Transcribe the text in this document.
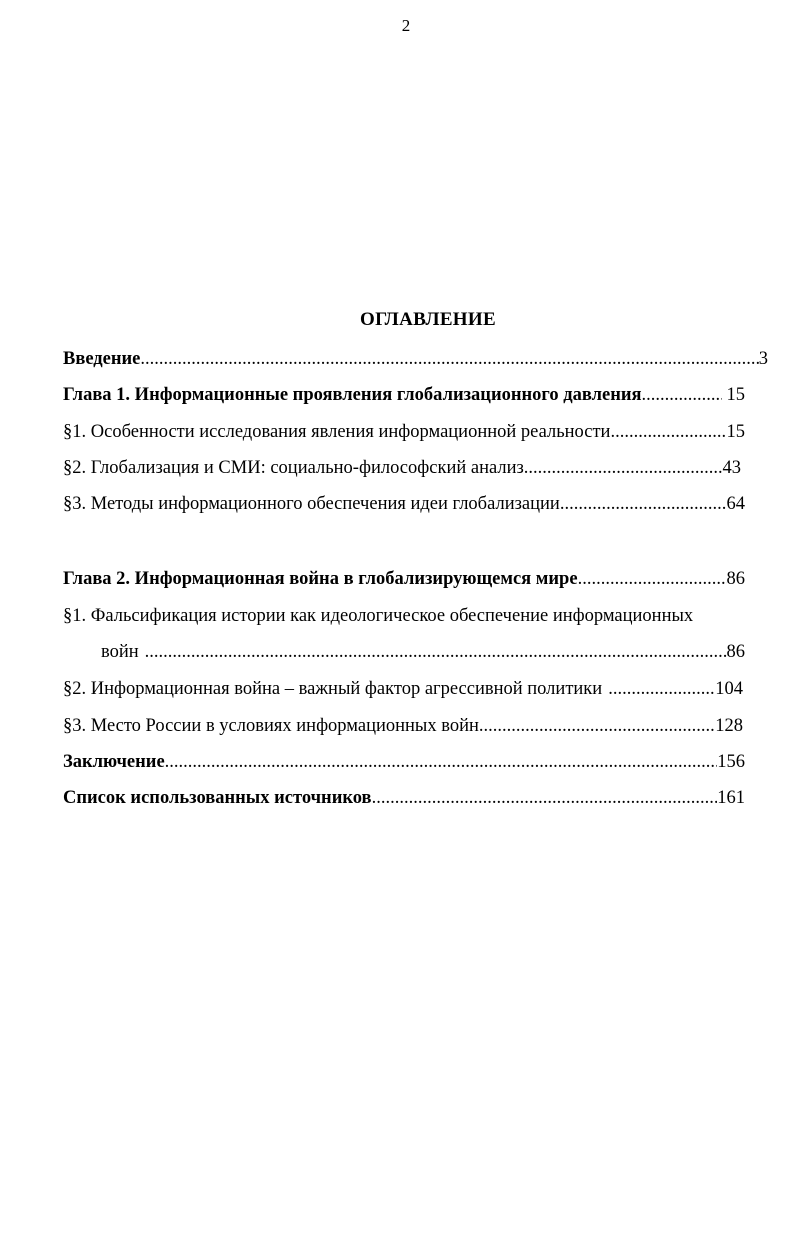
2
ОГЛАВЛЕНИЕ
Введение .....	3
Глава 1. Информационные проявления глобализационного давления .....	15
§1. Особенности исследования явления информационной реальности .....	15
§2. Глобализация и СМИ: социально-философский анализ .....	43
§3. Методы информационного обеспечения идеи глобализации .....	64
Глава 2. Информационная война в глобализирующемся мире .....	86
§1. Фальсификация истории как идеологическое обеспечение информационных
войн .....	86
§2. Информационная война – важный фактор агрессивной политики .....	104
§3. Место России в условиях информационных войн .....	128
Заключение .....	156
Список использованных источников .....	161
